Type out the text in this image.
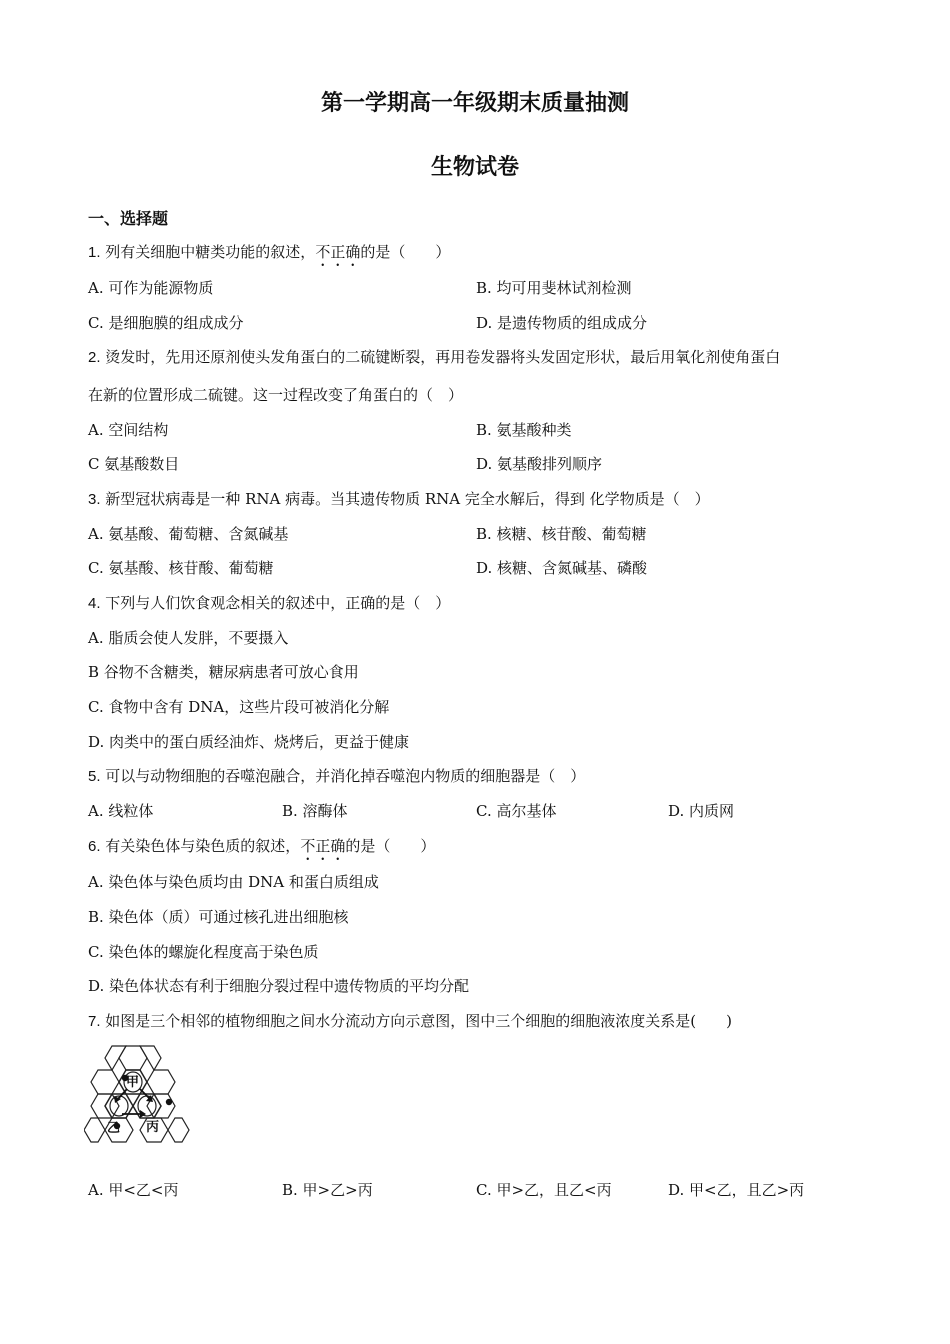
第一学期高一年级期末质量抽测
生物试卷
一、选择题
1. 列有关细胞中糖类功能的叙述，不正确的是（　　）
A. 可作为能源物质	B. 均可用斐林试剂检测
C. 是细胞膜的组成成分	D. 是遗传物质的组成成分
2. 烫发时，先用还原剂使头发角蛋白的二硫键断裂，再用卷发器将头发固定形状，最后用氧化剂使角蛋白
在新的位置形成二硫键。这一过程改变了角蛋白的（　）
A. 空间结构	B. 氨基酸种类
C 氨基酸数目	D. 氨基酸排列顺序
3. 新型冠状病毒是一种 RNA 病毒。当其遗传物质 RNA 完全水解后，得到 化学物质是（　）
A. 氨基酸、葡萄糖、含氮碱基	B. 核糖、核苷酸、葡萄糖
C. 氨基酸、核苷酸、葡萄糖	D. 核糖、含氮碱基、磷酸
4. 下列与人们饮食观念相关的叙述中，正确的是（　）
A. 脂质会使人发胖，不要摄入
B 谷物不含糖类，糖尿病患者可放心食用
C. 食物中含有 DNA，这些片段可被消化分解
D. 肉类中的蛋白质经油炸、烧烤后，更益于健康
5. 可以与动物细胞的吞噬泡融合，并消化掉吞噬泡内物质的细胞器是（　）
A. 线粒体	B. 溶酶体	C. 高尔基体	D. 内质网
6. 有关染色体与染色质的叙述，不正确的是（　　）
A. 染色体与染色质均由 DNA 和蛋白质组成
B. 染色体（质）可通过核孔进出细胞核
C. 染色体的螺旋化程度高于染色质
D. 染色体状态有利于细胞分裂过程中遗传物质的平均分配
7. 如图是三个相邻的植物细胞之间水分流动方向示意图，图中三个细胞的细胞液浓度关系是(　　)
甲
乙 丙
A. 甲<乙<丙	B. 甲>乙>丙	C. 甲>乙，且乙<丙	D. 甲<乙，且乙>丙
